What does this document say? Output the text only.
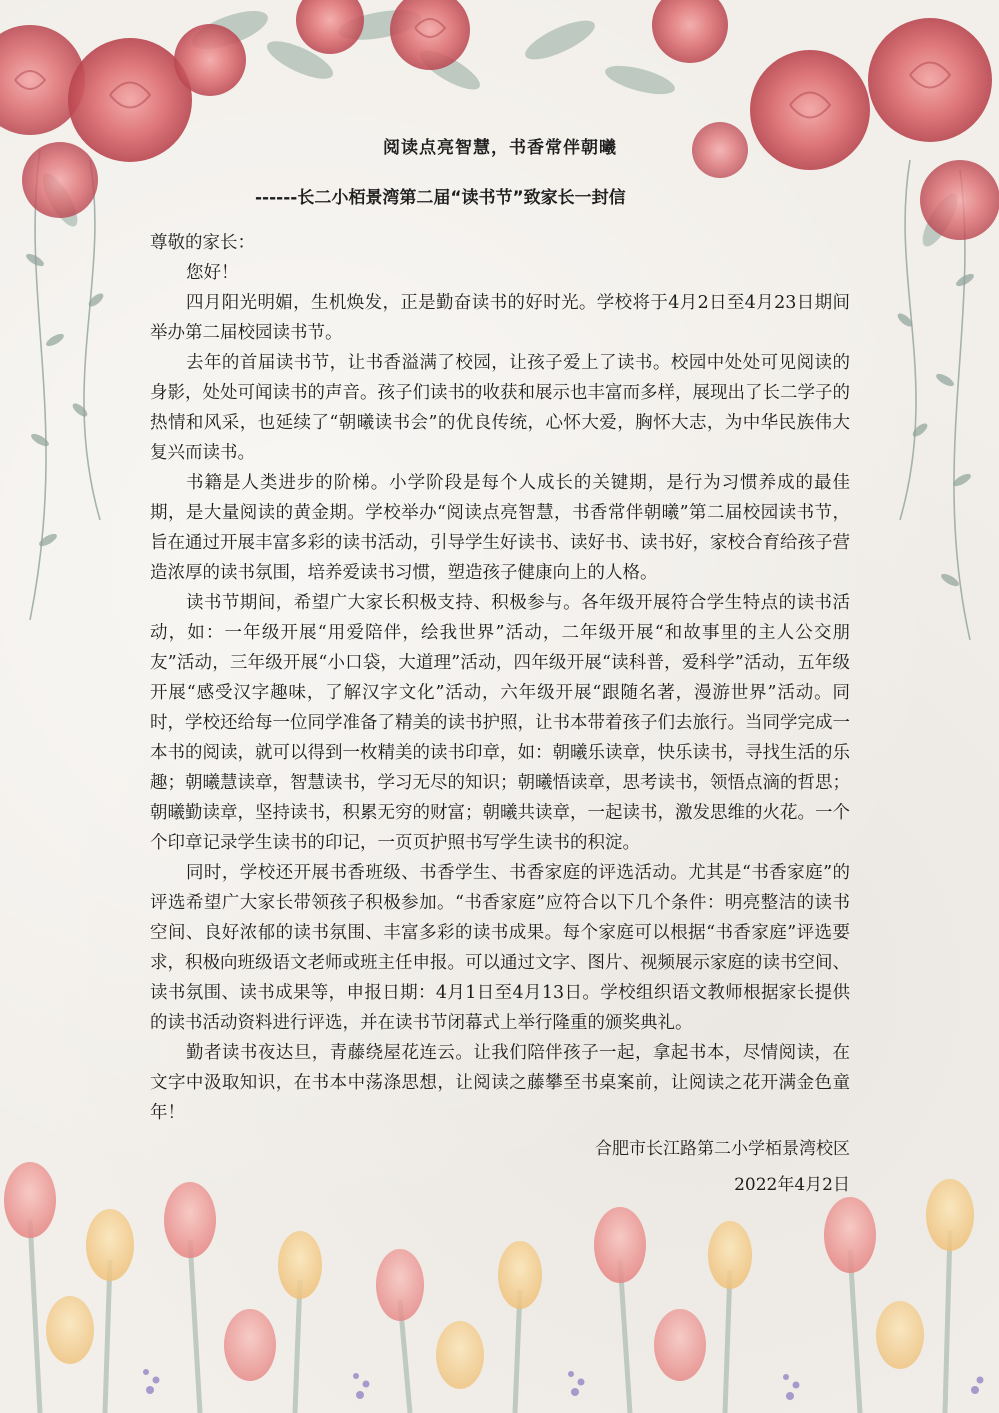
阅读点亮智慧，书香常伴朝曦
------长二小栢景湾第二届“读书节”致家长一封信

尊敬的家长：

您好！

四月阳光明媚，生机焕发，正是勤奋读书的好时光。学校将于4月2日至4月23日期间举办第二届校园读书节。

去年的首届读书节，让书香溢满了校园，让孩子爱上了读书。校园中处处可见阅读的身影，处处可闻读书的声音。孩子们读书的收获和展示也丰富而多样，展现出了长二学子的热情和风采，也延续了“朝曦读书会”的优良传统，心怀大爱，胸怀大志，为中华民族伟大复兴而读书。

书籍是人类进步的阶梯。小学阶段是每个人成长的关键期，是行为习惯养成的最佳期，是大量阅读的黄金期。学校举办“阅读点亮智慧，书香常伴朝曦”第二届校园读书节，旨在通过开展丰富多彩的读书活动，引导学生好读书、读好书、读书好，家校合育给孩子营造浓厚的读书氛围，培养爱读书习惯，塑造孩子健康向上的人格。

读书节期间，希望广大家长积极支持、积极参与。各年级开展符合学生特点的读书活动，如：一年级开展“用爱陪伴，绘我世界”活动，二年级开展“和故事里的主人公交朋友”活动，三年级开展“小口袋，大道理”活动，四年级开展“读科普，爱科学”活动，五年级开展“感受汉字趣味，了解汉字文化”活动，六年级开展“跟随名著，漫游世界”活动。同时，学校还给每一位同学准备了精美的读书护照，让书本带着孩子们去旅行。当同学完成一本书的阅读，就可以得到一枚精美的读书印章，如：朝曦乐读章，快乐读书，寻找生活的乐趣；朝曦慧读章，智慧读书，学习无尽的知识；朝曦悟读章，思考读书，领悟点滴的哲思；朝曦勤读章，坚持读书，积累无穷的财富；朝曦共读章，一起读书，激发思维的火花。一个个印章记录学生读书的印记，一页页护照书写学生读书的积淀。

同时，学校还开展书香班级、书香学生、书香家庭的评选活动。尤其是“书香家庭”的评选希望广大家长带领孩子积极参加。“书香家庭”应符合以下几个条件：明亮整洁的读书空间、良好浓郁的读书氛围、丰富多彩的读书成果。每个家庭可以根据“书香家庭”评选要求，积极向班级语文老师或班主任申报。可以通过文字、图片、视频展示家庭的读书空间、读书氛围、读书成果等，申报日期：4月1日至4月13日。学校组织语文教师根据家长提供的读书活动资料进行评选，并在读书节闭幕式上举行隆重的颁奖典礼。

勤者读书夜达旦，青藤绕屋花连云。让我们陪伴孩子一起，拿起书本，尽情阅读，在文字中汲取知识，在书本中荡涤思想，让阅读之藤攀至书桌案前，让阅读之花开满金色童年！

合肥市长江路第二小学栢景湾校区
2022年4月2日
